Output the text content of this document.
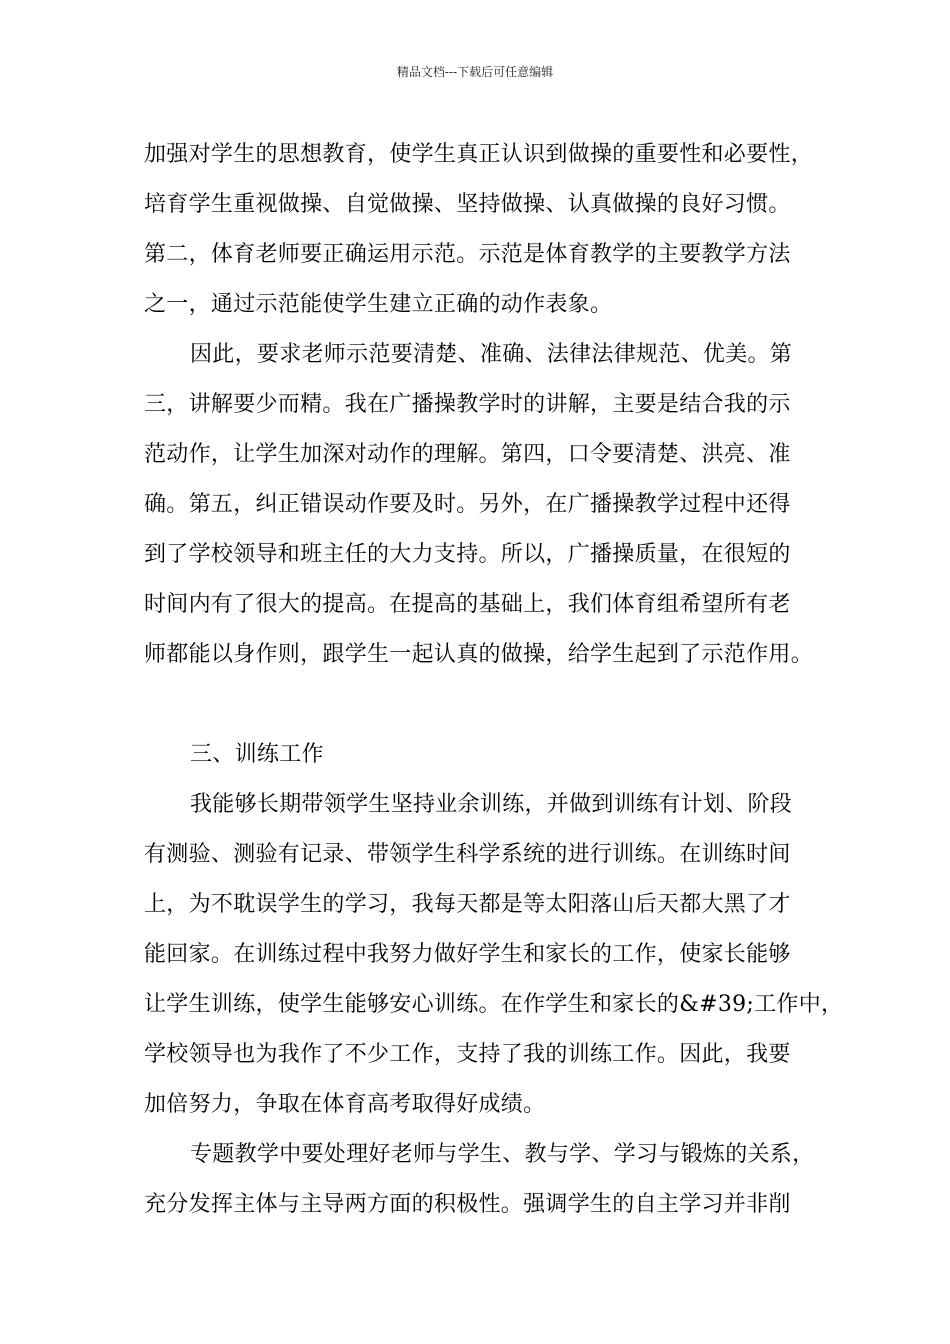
精品文档---下载后可任意编辑
加强对学生的思想教育，使学生真正认识到做操的重要性和必要性，
培育学生重视做操、自觉做操、坚持做操、认真做操的良好习惯。
第二，体育老师要正确运用示范。示范是体育教学的主要教学方法
之一，通过示范能使学生建立正确的动作表象。
因此，要求老师示范要清楚、准确、法律法律规范、优美。第
三，讲解要少而精。我在广播操教学时的讲解，主要是结合我的示
范动作，让学生加深对动作的理解。第四，口令要清楚、洪亮、准
确。第五，纠正错误动作要及时。另外，在广播操教学过程中还得
到了学校领导和班主任的大力支持。所以，广播操质量，在很短的
时间内有了很大的提高。在提高的基础上，我们体育组希望所有老
师都能以身作则，跟学生一起认真的做操，给学生起到了示范作用。
三、训练工作
我能够长期带领学生坚持业余训练，并做到训练有计划、阶段
有测验、测验有记录、带领学生科学系统的进行训练。在训练时间
上，为不耽误学生的学习，我每天都是等太阳落山后天都大黑了才
能回家。在训练过程中我努力做好学生和家长的工作，使家长能够
让学生训练，使学生能够安心训练。在作学生和家长的&#39;工作中，
学校领导也为我作了不少工作，支持了我的训练工作。因此，我要
加倍努力，争取在体育高考取得好成绩。
专题教学中要处理好老师与学生、教与学、学习与锻炼的关系，
充分发挥主体与主导两方面的积极性。强调学生的自主学习并非削
